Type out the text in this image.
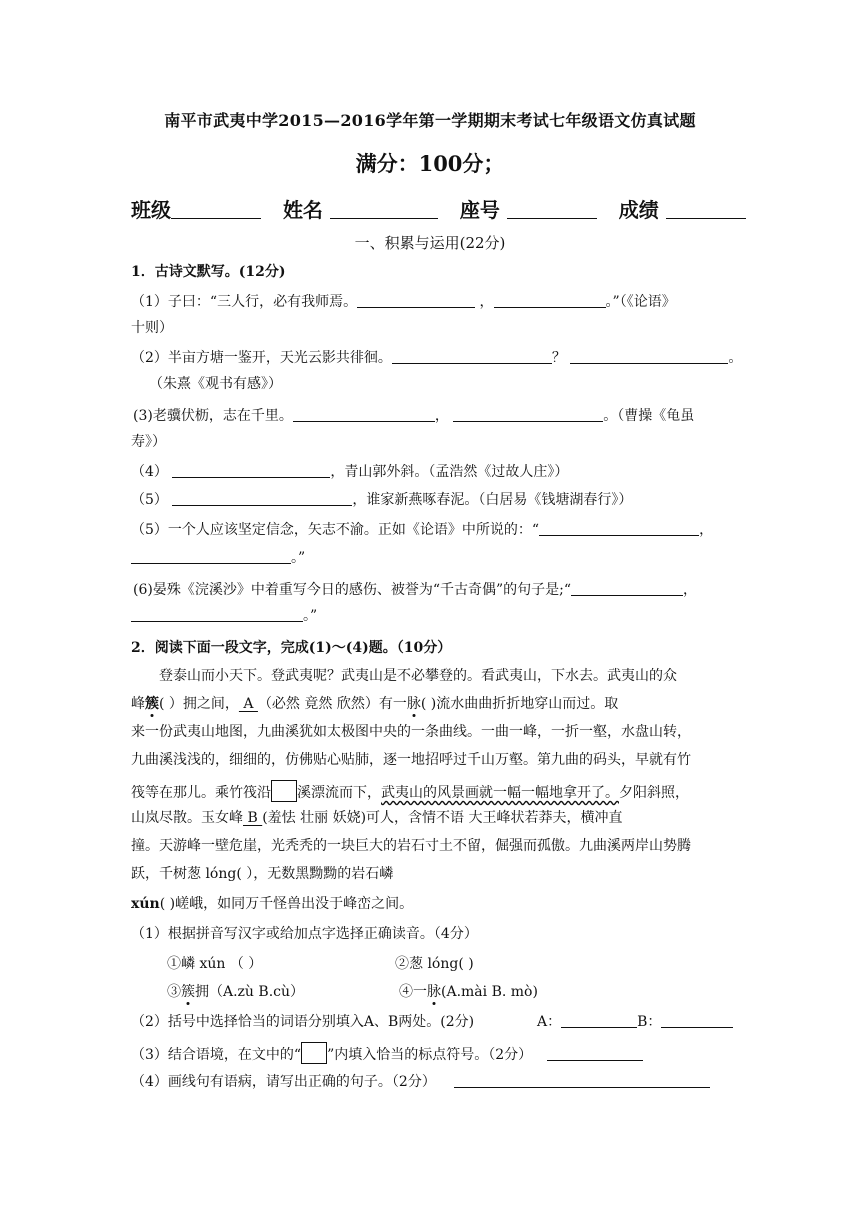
南平市武夷中学2015—2016学年第一学期期末考试七年级语文仿真试题
满分：100分；
班级	姓名	座号	成绩
一、积累与运用(22分)
1．古诗文默写。(12分)
（1）子曰：“三人行，必有我师焉。	，	。”（《论语》
十则）
（2）半亩方塘一鉴开，天光云影共徘徊。	？	。
（朱熹《观书有感》）
(3)老骥伏枥，志在千里。	，	。（曹操《龟虽
寿》）
（4）	，青山郭外斜。（孟浩然《过故人庄》）
（5）	，谁家新燕啄春泥。（白居易《钱塘湖春行》）
（5）一个人应该坚定信念，矢志不渝。正如《论语》中所说的：“	，
。”
(6)晏殊《浣溪沙》中着重写今日的感伤、被誉为“千古奇偶”的句子是;“	，
。”
2．阅读下面一段文字，完成(1)～(4)题。（10分）
登泰山而小天下。登武夷呢？武夷山是不必攀登的。看武夷山，下水去。武夷山的众
峰簇( ）拥之间， A （必然 竟然 欣然）有一脉( )流水曲曲折折地穿山而过。取
来一份武夷山地图，九曲溪犹如太极图中央的一条曲线。一曲一峰，一折一壑，水盘山转，
九曲溪浅浅的，细细的，仿佛贴心贴肺，逐一地招呼过千山万壑。第九曲的码头，早就有竹
筏等在那儿。乘竹筏沿 溪漂流而下，武夷山的风景画就一幅一幅地拿开了。夕阳斜照，
山岚尽散。玉女峰 B (羞怯 壮丽 妖娆)可人，含情不语 大王峰状若莽夫，横冲直
撞。天游峰一壁危崖，光秃秃的一块巨大的岩石寸土不留，倔强而孤傲。九曲溪两岸山势腾
跃，千树葱 lóng( ），无数黑黝黝的岩石嶙
xún( )嵯峨，如同万千怪兽出没于峰峦之间。
（1）根据拼音写汉字或给加点字选择正确读音。（4分）
①嶙 xún （ ）	②葱 lóng( )
③簇拥（A.zù B.cù）	④一脉(A.mài B. mò)
（2）括号中选择恰当的词语分别填入A、B两处。(2分)	A：	B：
（3）结合语境，在文中的“ ”内填入恰当的标点符号。（2分）
（4）画线句有语病，请写出正确的句子。（2分）
